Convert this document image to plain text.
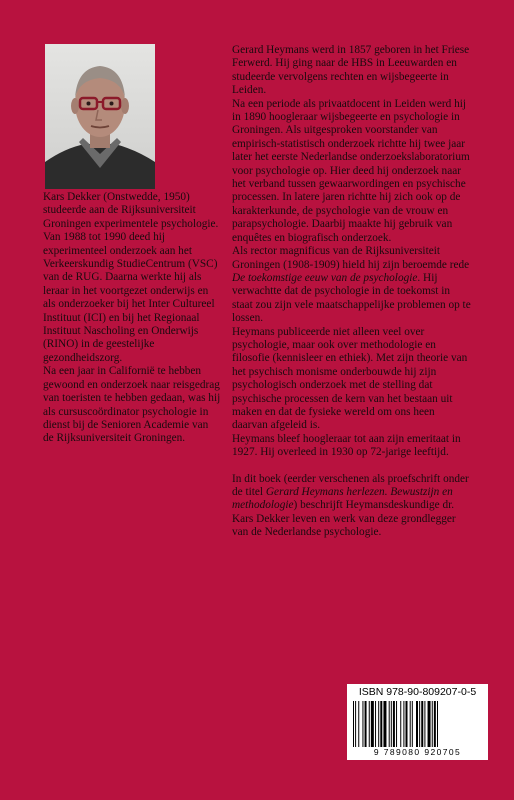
Kars Dekker (Onstwedde, 1950) studeerde aan de Rijksuniversiteit Groningen experimentele psychologie. Van 1988 tot 1990 deed hij experimenteel onderzoek aan het Verkeerskundig StudieCentrum (VSC) van de RUG. Daarna werkte hij als leraar in het voortgezet onderwijs en als onderzoeker bij het Inter Cultureel Instituut (ICI) en bij het Regionaal Instituut Nascholing en Onderwijs (RINO) in de geestelijke gezondheidszorg.

Na een jaar in Californië te hebben gewoond en onderzoek naar reisgedrag van toeristen te hebben gedaan, was hij als cursuscoördinator psychologie in dienst bij de Senioren Academie van de Rijksuniversiteit Groningen.

Gerard Heymans werd in 1857 geboren in het Friese Ferwerd. Hij ging naar de HBS in Leeuwarden en studeerde vervolgens rechten en wijsbegeerte in Leiden.

Na een periode als privaatdocent in Leiden werd hij in 1890 hoogleraar wijsbegeerte en psychologie in Groningen. Als uitgesproken voorstander van empirisch-statistisch onderzoek richtte hij twee jaar later het eerste Nederlandse onderzoekslaboratorium voor psychologie op. Hier deed hij onderzoek naar het verband tussen gewaarwordingen en psychische processen. In latere jaren richtte hij zich ook op de karakterkunde, de psychologie van de vrouw en parapsychologie. Daarbij maakte hij gebruik van enquêtes en biografisch onderzoek.

Als rector magnificus van de Rijksuniversiteit Groningen (1908-1909) hield hij zijn beroemde rede De toekomstige eeuw van de psychologie. Hij verwachtte dat de psychologie in de toekomst in staat zou zijn vele maatschappelijke problemen op te lossen.

Heymans publiceerde niet alleen veel over psychologie, maar ook over methodologie en filosofie (kennisleer en ethiek). Met zijn theorie van het psychisch monisme onderbouwde hij zijn psychologisch onderzoek met de stelling dat psychische processen de kern van het bestaan uit maken en dat de fysieke wereld om ons heen daarvan afgeleid is.

Heymans bleef hoogleraar tot aan zijn emeritaat in 1927. Hij overleed in 1930 op 72-jarige leeftijd.

In dit boek (eerder verschenen als proefschrift onder de titel Gerard Heymans herlezen. Bewustzijn en methodologie) beschrijft Heymansdeskundige dr. Kars Dekker leven en werk van deze grondlegger van de Nederlandse psychologie.

ISBN 978-90-809207-0-5
9 789080 920705
